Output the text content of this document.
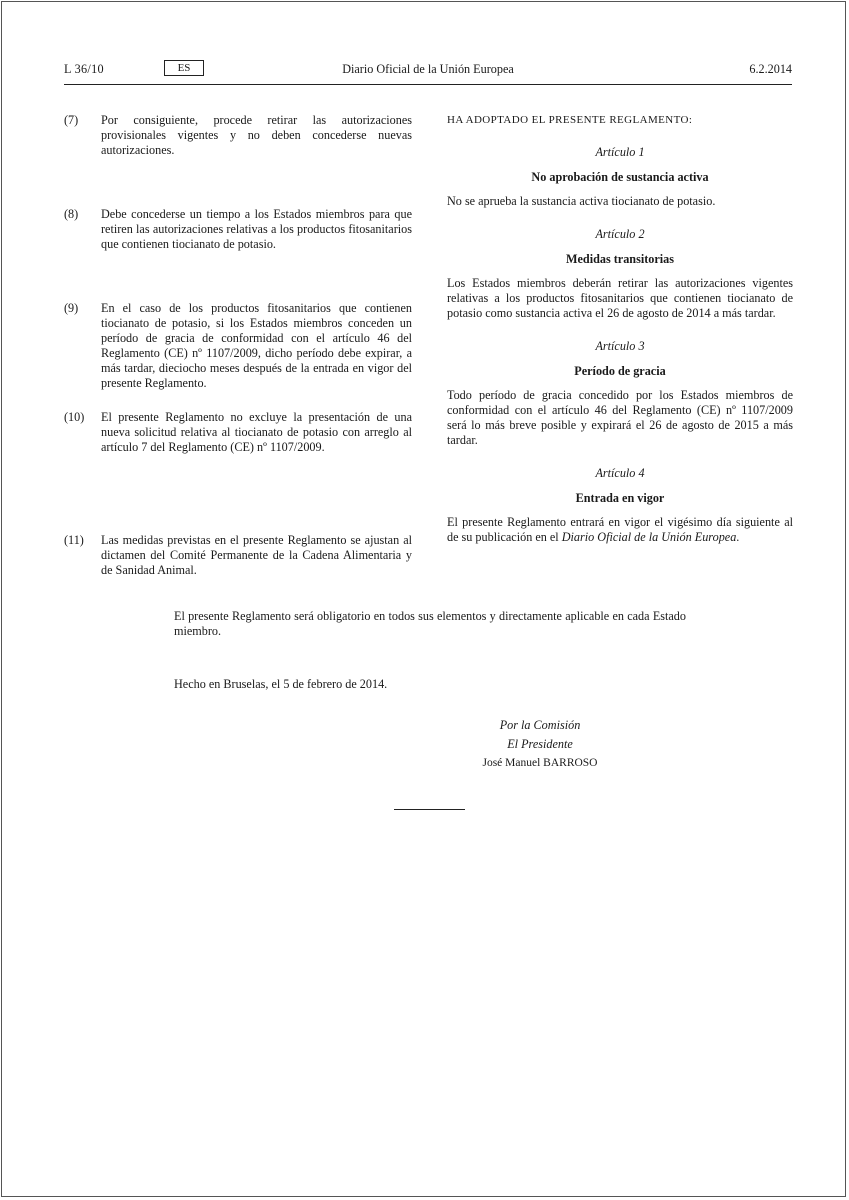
L 36/10	ES	Diario Oficial de la Unión Europea	6.2.2014
(7) Por consiguiente, procede retirar las autorizaciones provisionales vigentes y no deben concederse nuevas autorizaciones.
(8) Debe concederse un tiempo a los Estados miembros para que retiren las autorizaciones relativas a los productos fitosanitarios que contienen tiocianato de potasio.
(9) En el caso de los productos fitosanitarios que contienen tiocianato de potasio, si los Estados miembros conceden un período de gracia de conformidad con el artículo 46 del Reglamento (CE) nº 1107/2009, dicho período debe expirar, a más tardar, dieciocho meses después de la entrada en vigor del presente Reglamento.
(10) El presente Reglamento no excluye la presentación de una nueva solicitud relativa al tiocianato de potasio con arreglo al artículo 7 del Reglamento (CE) nº 1107/2009.
(11) Las medidas previstas en el presente Reglamento se ajustan al dictamen del Comité Permanente de la Cadena Alimentaria y de Sanidad Animal.
HA ADOPTADO EL PRESENTE REGLAMENTO:
Artículo 1
No aprobación de sustancia activa
No se aprueba la sustancia activa tiocianato de potasio.
Artículo 2
Medidas transitorias
Los Estados miembros deberán retirar las autorizaciones vigentes relativas a los productos fitosanitarios que contienen tiocianato de potasio como sustancia activa el 26 de agosto de 2014 a más tardar.
Artículo 3
Período de gracia
Todo período de gracia concedido por los Estados miembros de conformidad con el artículo 46 del Reglamento (CE) nº 1107/2009 será lo más breve posible y expirará el 26 de agosto de 2015 a más tardar.
Artículo 4
Entrada en vigor
El presente Reglamento entrará en vigor el vigésimo día siguiente al de su publicación en el Diario Oficial de la Unión Europea.
El presente Reglamento será obligatorio en todos sus elementos y directamente aplicable en cada Estado miembro.
Hecho en Bruselas, el 5 de febrero de 2014.
Por la Comisión
El Presidente
José Manuel BARROSO
